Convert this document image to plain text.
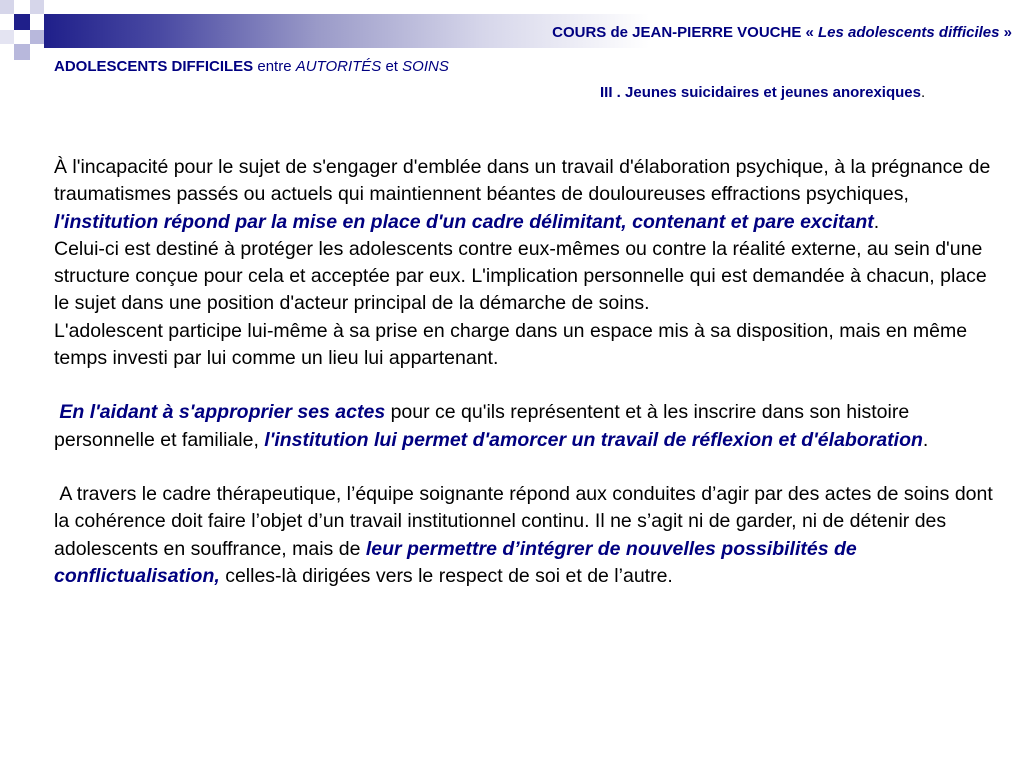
COURS de JEAN-PIERRE VOUCHE « Les adolescents difficiles »
ADOLESCENTS DIFFICILES entre AUTORITÉS et SOINS
III . Jeunes suicidaires et jeunes anorexiques.

À l'incapacité pour le sujet de s'engager d'emblée dans un travail d'élaboration psychique, à la prégnance de traumatismes passés ou actuels qui maintiennent béantes de douloureuses effractions psychiques, l'institution répond par la mise en place d'un cadre délimitant, contenant et pare excitant.

Celui-ci est destiné à protéger les adolescents contre eux-mêmes ou contre la réalité externe, au sein d'une structure conçue pour cela et acceptée par eux. L'implication personnelle qui est demandée à chacun, place le sujet dans une position d'acteur principal de la démarche de soins.

L'adolescent participe lui-même à sa prise en charge dans un espace mis à sa disposition, mais en même temps investi par lui comme un lieu lui appartenant.

En l'aidant à s'approprier ses actes pour ce qu'ils représentent et à les inscrire dans son histoire personnelle et familiale, l'institution lui permet d'amorcer un travail de réflexion et d'élaboration.

A travers le cadre thérapeutique, l’équipe soignante répond aux conduites d’agir par des actes de soins dont la cohérence doit faire l’objet d’un travail institutionnel continu. Il ne s’agit ni de garder, ni de détenir des adolescents en souffrance, mais de leur permettre d’intégrer de nouvelles possibilités de conflictualisation, celles-là dirigées vers le respect de soi et de l’autre.
